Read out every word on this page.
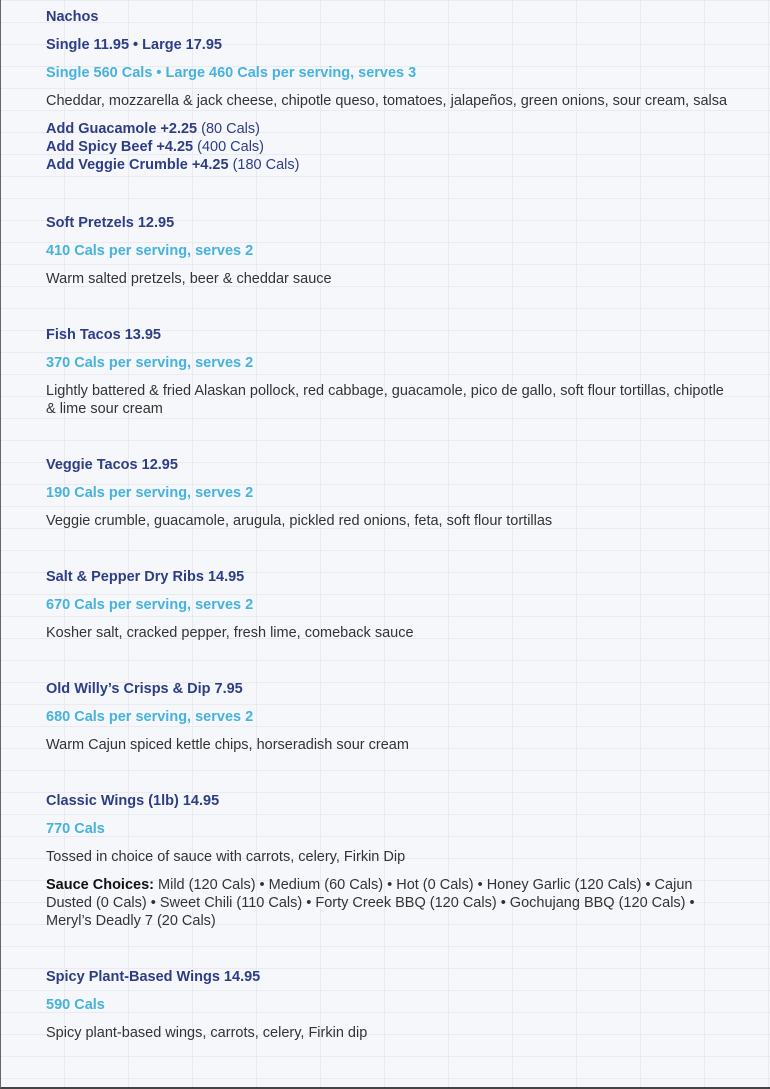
Nachos
Single 11.95 • Large 17.95
Single 560 Cals • Large 460 Cals per serving, serves 3
Cheddar, mozzarella & jack cheese, chipotle queso, tomatoes, jalapeños, green onions, sour cream, salsa
Add Guacamole +2.25 (80 Cals)
Add Spicy Beef +4.25 (400 Cals)
Add Veggie Crumble +4.25 (180 Cals)
Soft Pretzels 12.95
410 Cals per serving, serves 2
Warm salted pretzels, beer & cheddar sauce
Fish Tacos 13.95
370 Cals per serving, serves 2
Lightly battered & fried Alaskan pollock, red cabbage, guacamole, pico de gallo, soft flour tortillas, chipotle & lime sour cream
Veggie Tacos 12.95
190 Cals per serving, serves 2
Veggie crumble, guacamole, arugula, pickled red onions, feta, soft flour tortillas
Salt & Pepper Dry Ribs 14.95
670 Cals per serving, serves 2
Kosher salt, cracked pepper, fresh lime, comeback sauce
Old Willy’s Crisps & Dip 7.95
680 Cals per serving, serves 2
Warm Cajun spiced kettle chips, horseradish sour cream
Classic Wings (1lb) 14.95
770 Cals
Tossed in choice of sauce with carrots, celery, Firkin Dip
Sauce Choices: Mild (120 Cals) • Medium (60 Cals) • Hot (0 Cals) • Honey Garlic (120 Cals) • Cajun Dusted (0 Cals) • Sweet Chili (110 Cals) • Forty Creek BBQ (120 Cals) • Gochujang BBQ (120 Cals) • Meryl’s Deadly 7 (20 Cals)
Spicy Plant-Based Wings 14.95
590 Cals
Spicy plant-based wings, carrots, celery, Firkin dip
